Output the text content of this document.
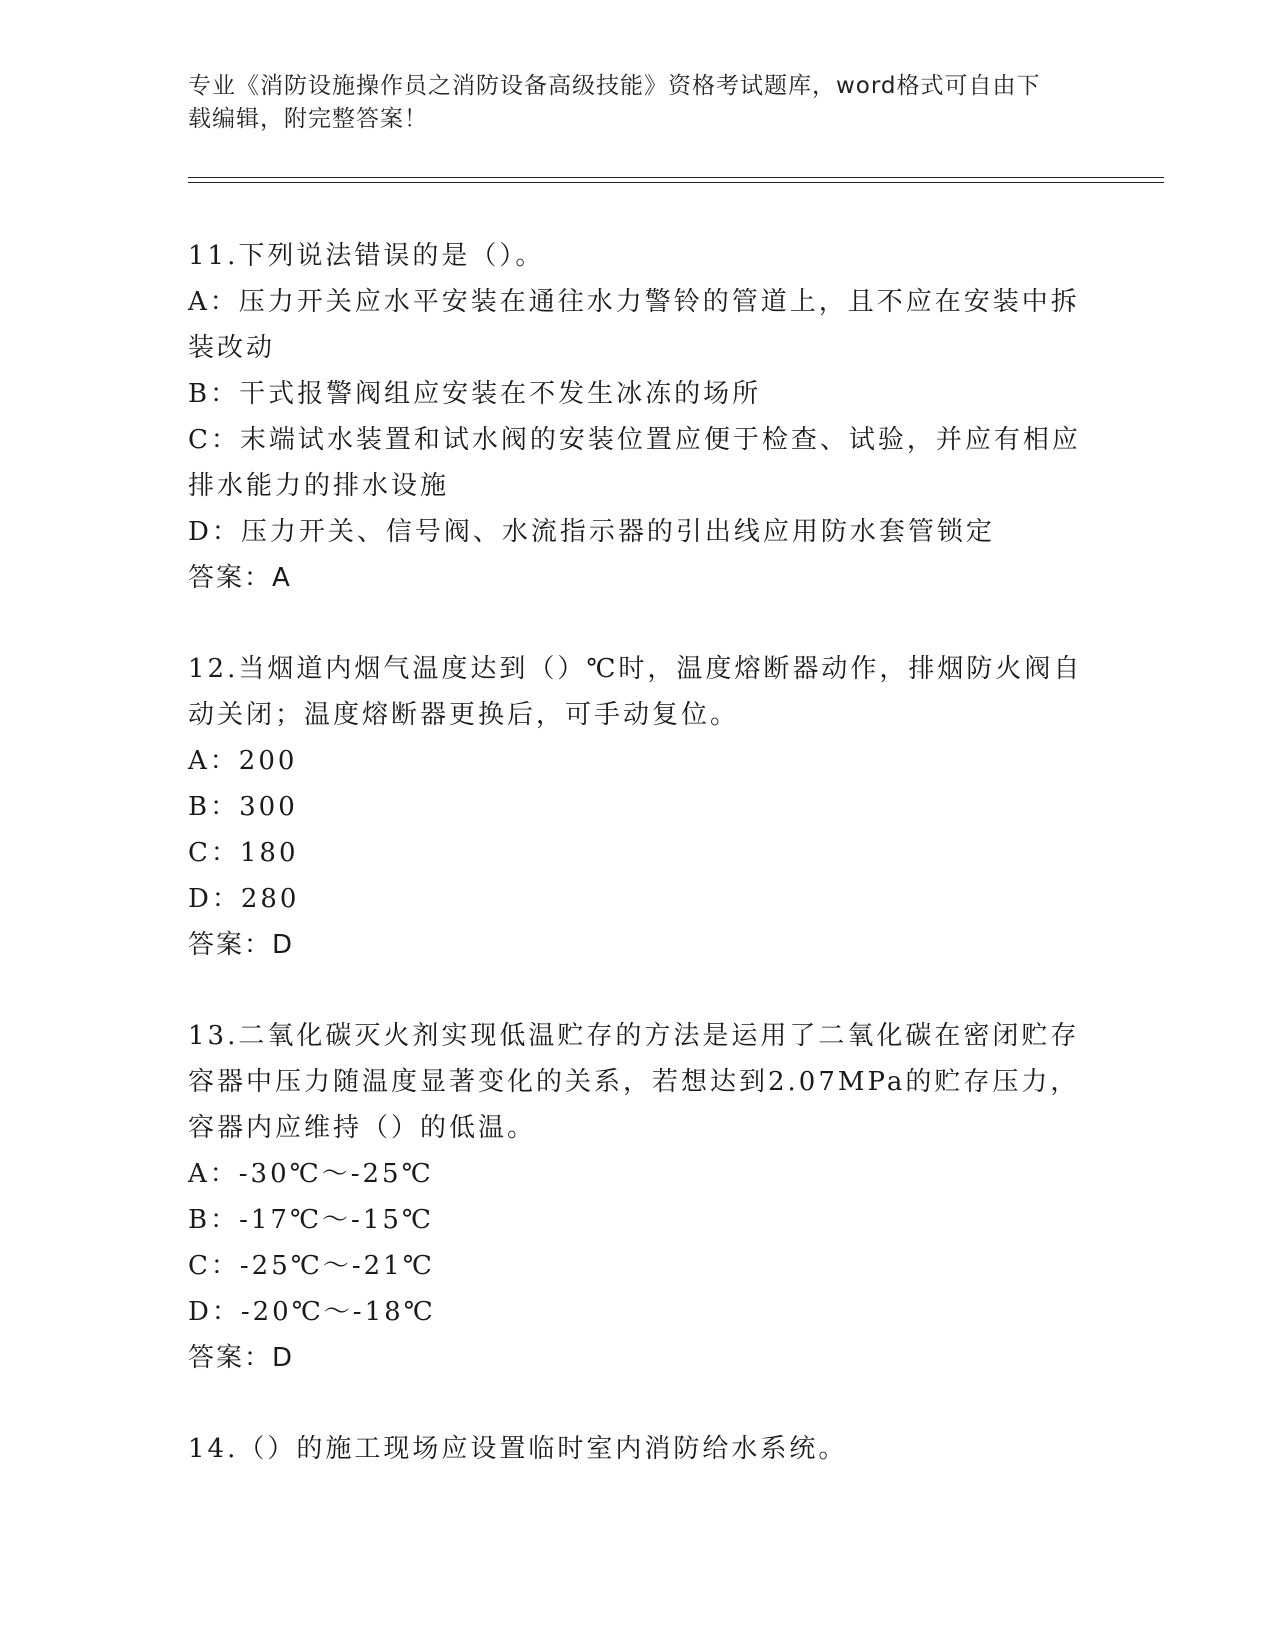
专业《消防设施操作员之消防设备高级技能》资格考试题库，word格式可自由下
载编辑，附完整答案！
11.下列说法错误的是（）。
A：压力开关应水平安装在通往水力警铃的管道上，且不应在安装中拆
装改动
B：干式报警阀组应安装在不发生冰冻的场所
C：末端试水装置和试水阀的安装位置应便于检查、试验，并应有相应
排水能力的排水设施
D：压力开关、信号阀、水流指示器的引出线应用防水套管锁定
答案：A
12.当烟道内烟气温度达到（）℃时，温度熔断器动作，排烟防火阀自
动关闭；温度熔断器更换后，可手动复位。
A：200
B：300
C：180
D：280
答案：D
13.二氧化碳灭火剂实现低温贮存的方法是运用了二氧化碳在密闭贮存
容器中压力随温度显著变化的关系，若想达到2.07MPa的贮存压力，
容器内应维持（）的低温。
A：-30℃～-25℃
B：-17℃～-15℃
C：-25℃～-21℃
D：-20℃～-18℃
答案：D
14.（）的施工现场应设置临时室内消防给水系统。
